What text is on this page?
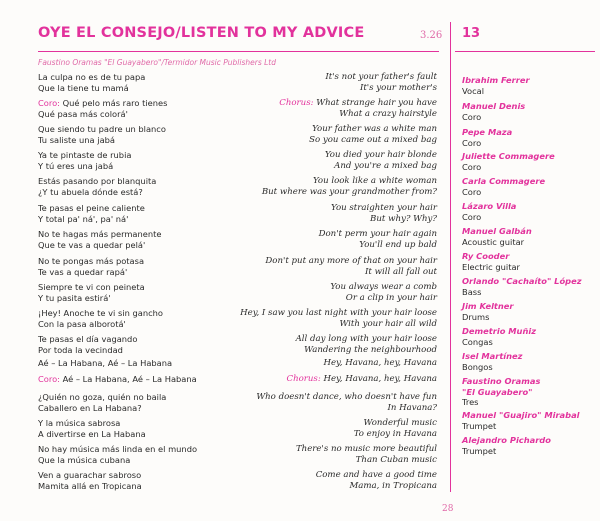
OYE EL CONSEJO/LISTEN TO MY ADVICE	3.26 13
Faustino Oramas "El Guayabero"/Termidor Music Publishers Ltd
La culpa no es de tu papa
Que la tiene tu mamá
It's not your father's fault
It's your mother's
Coro: Qué pelo más raro tienes
Qué pasa más colorá'
Chorus: What strange hair you have
What a crazy hairstyle
Que siendo tu padre un blanco
Tu saliste una jabá
Your father was a white man
So you came out a mixed bag
Ya te pintaste de rubia
Y tú eres una jabá
You died your hair blonde
And you're a mixed bag
Estás pasando por blanquita
¿Y tu abuela dónde está?
You look like a white woman
But where was your grandmother from?
Te pasas el peine caliente
Y total pa' ná', pa' ná'
You straighten your hair
But why? Why?
No te hagas más permanente
Que te vas a quedar pelá'
Don't perm your hair again
You'll end up bald
No te pongas más potasa
Te vas a quedar rapá'
Don't put any more of that on your hair
It will all fall out
Siempre te vi con peineta
Y tu pasita estirá'
You always wear a comb
Or a clip in your hair
¡Hey! Anoche te vi sin gancho
Con la pasa alborotá'
Hey, I saw you last night with your hair loose
With your hair all wild
Te pasas el día vagando
Por toda la vecindad
All day long with your hair loose
Wandering the neighbourhood
Aé – La Habana, Aé – La Habana	Hey, Havana, hey, Havana
Coro: Aé – La Habana, Aé – La Habana	Chorus: Hey, Havana, hey, Havana
¿Quién no goza, quién no baila
Caballero en La Habana?
Who doesn't dance, who doesn't have fun
In Havana?
Y la música sabrosa
A divertirse en La Habana
Wonderful music
To enjoy in Havana
No hay música más linda en el mundo
Que la música cubana
There's no music more beautiful
Than Cuban music
Ven a guarachar sabroso
Mamita allá en Tropicana
Come and have a good time
Mama, in Tropicana
Ibrahim Ferrer
Vocal
Manuel Denis
Coro
Pepe Maza
Coro
Juliette Commagere
Coro
Carla Commagere
Coro
Lázaro Villa
Coro
Manuel Galbán
Acoustic guitar
Ry Cooder
Electric guitar
Orlando "Cachaíto" López
Bass
Jim Keltner
Drums
Demetrio Muñiz
Congas
Isel Martínez
Bongos
Faustino Oramas
"El Guayabero"
Tres
Manuel "Guajiro" Mirabal
Trumpet
Alejandro Pichardo
Trumpet
28
